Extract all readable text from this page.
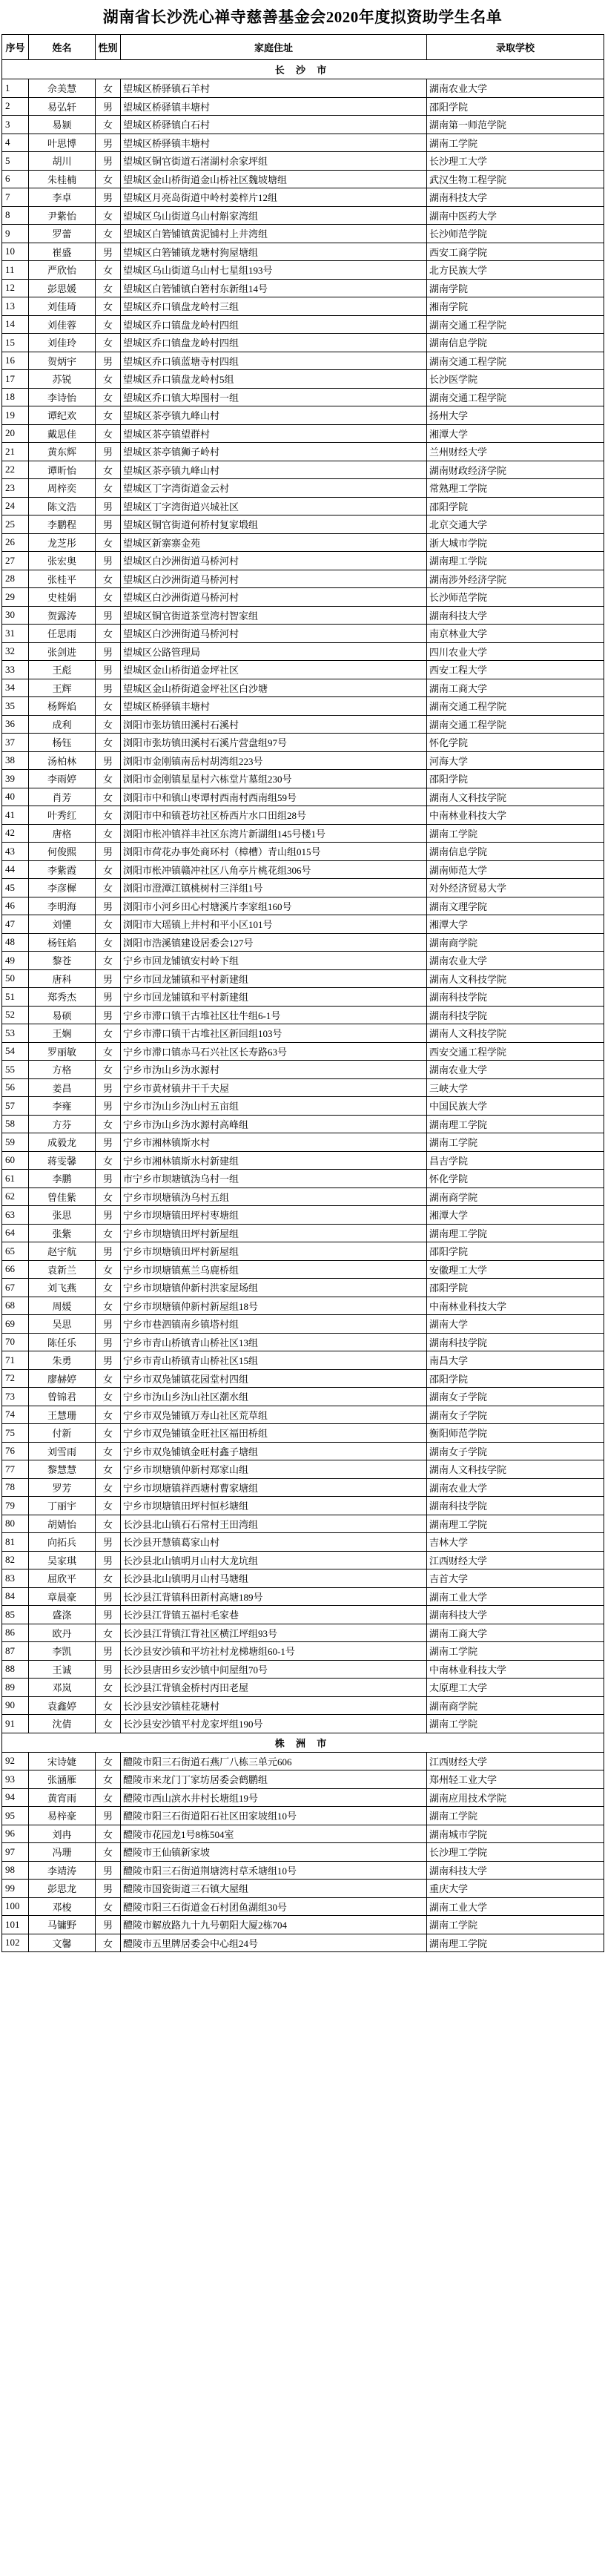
湖南省长沙洗心禅寺慈善基金会2020年度拟资助学生名单
序号	姓名	性别	家庭住址	录取学校
长 沙 市				
1	佘美慧	女	望城区桥驿镇石羊村	湖南农业大学
2	易弘轩	男	望城区桥驿镇丰塘村	邵阳学院
3	易颍	女	望城区桥驿镇白石村	湖南第一师范学院
4	叶思博	男	望城区桥驿镇丰塘村	湖南工学院
5	胡川	男	望城区铜官街道石渚湖村余家坪组	长沙理工大学
6	朱桂楠	女	望城区金山桥街道金山桥社区魏坡塘组	武汉生物工程学院
7	李卓	男	望城区月亮岛街道中岭村姜梓片12组	湖南科技大学
8	尹紫怡	女	望城区乌山街道乌山村斛家湾组	湖南中医药大学
9	罗蕾	女	望城区白箬铺镇黄泥铺村上井湾组	长沙师范学院
10	崔盛	男	望城区白箬铺镇龙塘村狗屋塘组	西安工商学院
11	严欣怡	女	望城区乌山街道乌山村七星组193号	北方民族大学
12	彭思媛	女	望城区白箬铺镇白箬村东新组14号	湖南学院
13	刘佳琦	女	望城区乔口镇盘龙岭村三组	湘南学院
14	刘佳蓉	女	望城区乔口镇盘龙岭村四组	湖南交通工程学院
15	刘佳玲	女	望城区乔口镇盘龙岭村四组	湖南信息学院
16	贺炳宇	男	望城区乔口镇蓝塘寺村四组	湖南交通工程学院
17	苏锐	女	望城区乔口镇盘龙岭村5组	长沙医学院
18	李诗怡	女	望城区乔口镇大埠围村一组	湖南交通工程学院
19	谭纪欢	女	望城区茶亭镇九峰山村	扬州大学
20	戴思佳	女	望城区茶亭镇望群村	湘潭大学
21	黄东辉	男	望城区茶亭镇狮子岭村	兰州财经大学
22	谭昕怡	女	望城区茶亭镇九峰山村	湖南财政经济学院
23	周梓奕	女	望城区丁字湾街道金云村	常熟理工学院
24	陈文浩	男	望城区丁字湾街道兴城社区	邵阳学院
25	李鹏程	男	望城区铜官街道何桥村复家塅组	北京交通大学
26	龙芝彤	女	望城区新寨寨金苑	浙大城市学院
27	张宏奥	男	望城区白沙洲街道马桥河村	湖南理工学院
28	张桂平	女	望城区白沙洲街道马桥河村	湖南涉外经济学院
29	史桂娟	女	望城区白沙洲街道马桥河村	长沙师范学院
30	贺露涛	男	望城区铜官街道茶堂湾村智家组	湖南科技大学
31	任思雨	女	望城区白沙洲街道马桥河村	南京林业大学
32	张剑进	男	望城区公路管理局	四川农业大学
33	王彪	男	望城区金山桥街道金坪社区	西安工程大学
34	王辉	男	望城区金山桥街道金坪社区白沙塘	湖南工商大学
35	杨辉焰	女	望城区桥驿镇丰塘村	湖南交通工程学院
36	成利	女	浏阳市张坊镇田溪村石溪村	湖南交通工程学院
37	杨钰	女	浏阳市张坊镇田溪村石溪片营盘组97号	怀化学院
38	汤柏林	男	浏阳市金刚镇南岳村胡湾组223号	河海大学
39	李雨婷	女	浏阳市金刚镇星星村六栋堂片墓组230号	邵阳学院
40	肖芳	女	浏阳市中和镇山枣谭村西南村西南组59号	湖南人文科技学院
41	叶秀红	女	浏阳市中和镇苍坊社区桥西片水口田组28号	中南林业科技大学
42	唐格	女	浏阳市枨冲镇祥丰社区东湾片新湖组145号楼1号	湖南工学院
43	何俊熙	男	浏阳市荷花办事处商环村（樟槽）青山组015号	湖南信息学院
44	李紫霞	女	浏阳市枨冲镇赣冲社区八角亭片桃花组306号	湖南师范大学
45	李彦樨	女	浏阳市澄潭江镇桃树村三洋组1号	对外经济贸易大学
46	李明海	男	浏阳市小河乡田心村塘溪片李家组160号	湖南文理学院
47	刘懂	女	浏阳市大瑶镇上井村和平小区101号	湘潭大学
48	杨钰焰	女	浏阳市浩溪镇建设居委会127号	湖南商学院
49	黎苍	女	宁乡市回龙铺镇安村岭下组	湖南农业大学
50	唐科	男	宁乡市回龙铺镇和平村新建组	湖南人文科技学院
51	郑秀杰	男	宁乡市回龙铺镇和平村新建组	湖南科技学院
52	易硕	男	宁乡市滞口镇干古堆社区壮牛组6-1号	湖南科技学院
53	王娴	女	宁乡市滞口镇干古堆社区新回组103号	湖南人文科技学院
54	罗丽敏	女	宁乡市滞口镇赤马石兴社区长寿路63号	西安交通工程学院
55	方格	女	宁乡市沩山乡沩水源村	湖南农业大学
56	姜昌	男	宁乡市黄材镇井干千夫屋	三峡大学
57	李雍	男	宁乡市沩山乡沩山村五亩组	中国民族大学
58	方芬	女	宁乡市沩山乡沩水源村高峰组	湖南理工学院
59	成毅龙	男	宁乡市湘林镇斯水村	湖南工学院
60	蒋雯馨	女	宁乡市湘林镇斯水村新建组	昌吉学院
61	李鹏	男	市宁乡市坝塘镇沩乌村一组	怀化学院
62	曾佳紫	女	宁乡市坝塘镇沩乌村五组	湖南商学院
63	张思	男	宁乡市坝塘镇田坪村枣塘组	湘潭大学
64	张紫	女	宁乡市坝塘镇田坪村新屋组	湖南理工学院
65	赵宇航	男	宁乡市坝塘镇田坪村新屋组	邵阳学院
66	袁新兰	女	宁乡市坝塘镇蕉兰乌鹿桥组	安徽理工大学
67	刘飞燕	女	宁乡市坝塘镇仲新村洪家屋场组	邵阳学院
68	周媛	女	宁乡市坝塘镇仲新村新屋组18号	中南林业科技大学
69	吴思	男	宁乡市巷泗镇南乡镇塔村组	湖南大学
70	陈任乐	男	宁乡市青山桥镇青山桥社区13组	湖南科技学院
71	朱勇	男	宁乡市青山桥镇青山桥社区15组	南昌大学
72	廖赫婷	女	宁乡市双凫铺镇花园堂村四组	邵阳学院
73	曾锦君	女	宁乡市沩山乡沩山社区潮水组	湖南女子学院
74	王慧珊	女	宁乡市双凫铺镇万寿山社区荒草组	湖南女子学院
75	付新	女	宁乡市双凫铺镇金旺社区福田桥组	衡阳师范学院
76	刘雪雨	女	宁乡市双凫铺镇金旺村鑫子塘组	湖南女子学院
77	黎慧慧	女	宁乡市坝塘镇仲新村郑家山组	湖南人文科技学院
78	罗芳	女	宁乡市坝塘镇祥西塘村曹家塘组	湖南农业大学
79	丁丽宇	女	宁乡市坝塘镇田坪村恒杉塘组	湖南科技学院
80	胡婧怡	女	长沙县北山镇石石常村王田湾组	湖南理工学院
81	向拓兵	男	长沙县开慧镇葛家山村	吉林大学
82	吴家琪	男	长沙县北山镇明月山村大龙坑组	江西财经大学
83	屈欣平	女	长沙县北山镇明月山村马塘组	吉首大学
84	章晨豪	男	长沙县江背镇科田新村高塘189号	湖南工业大学
85	盛涤	男	长沙县江背镇五福村毛家巷	湖南科技大学
86	欧丹	女	长沙县江背镇江背社区横江坪组93号	湖南工商大学
87	李凯	男	长沙县安沙镇和平坊社村龙梯塘组60-1号	湖南工学院
88	王诚	男	长沙县唐田乡安沙镇中间屋组70号	中南林业科技大学
89	邓岚	女	长沙县江背镇金桥村丙田老屋	太原理工大学
90	袁鑫婷	女	长沙县安沙镇桂花塘村	湖南商学院
91	沈倩	女	长沙县安沙镇平村龙家坪组190号	湖南工学院
株 洲 市				
92	宋诗婕	女	醴陵市阳三石街道石燕厂八栋三单元606	江西财经大学
93	张涵雁	女	醴陵市来龙门丁家坊居委会鹤鹏组	郑州轻工业大学
94	黄宵雨	女	醴陵市西山滨水井村长塘组19号	湖南应用技术学院
95	易梓豪	男	醴陵市阳三石街道阳石社区田家坡组10号	湖南工学院
96	刘冉	女	醴陵市花园龙1号8栋504室	湖南城市学院
97	冯珊	女	醴陵市王仙镇新家坡	长沙理工学院
98	李靖涛	男	醴陵市阳三石街道荆塘湾村草禾塘组10号	湖南科技大学
99	彭思龙	男	醴陵市国瓷街道三石镇大屋组	重庆大学
100	邓梭	女	醴陵市阳三石街道金石村团鱼湖组30号	湖南工业大学
101	马镛野	男	醴陵市解放路九十九号朝阳大厦2栋704	湖南工学院
102	文馨	女	醴陵市五里牌居委会中心组24号	湖南理工学院
